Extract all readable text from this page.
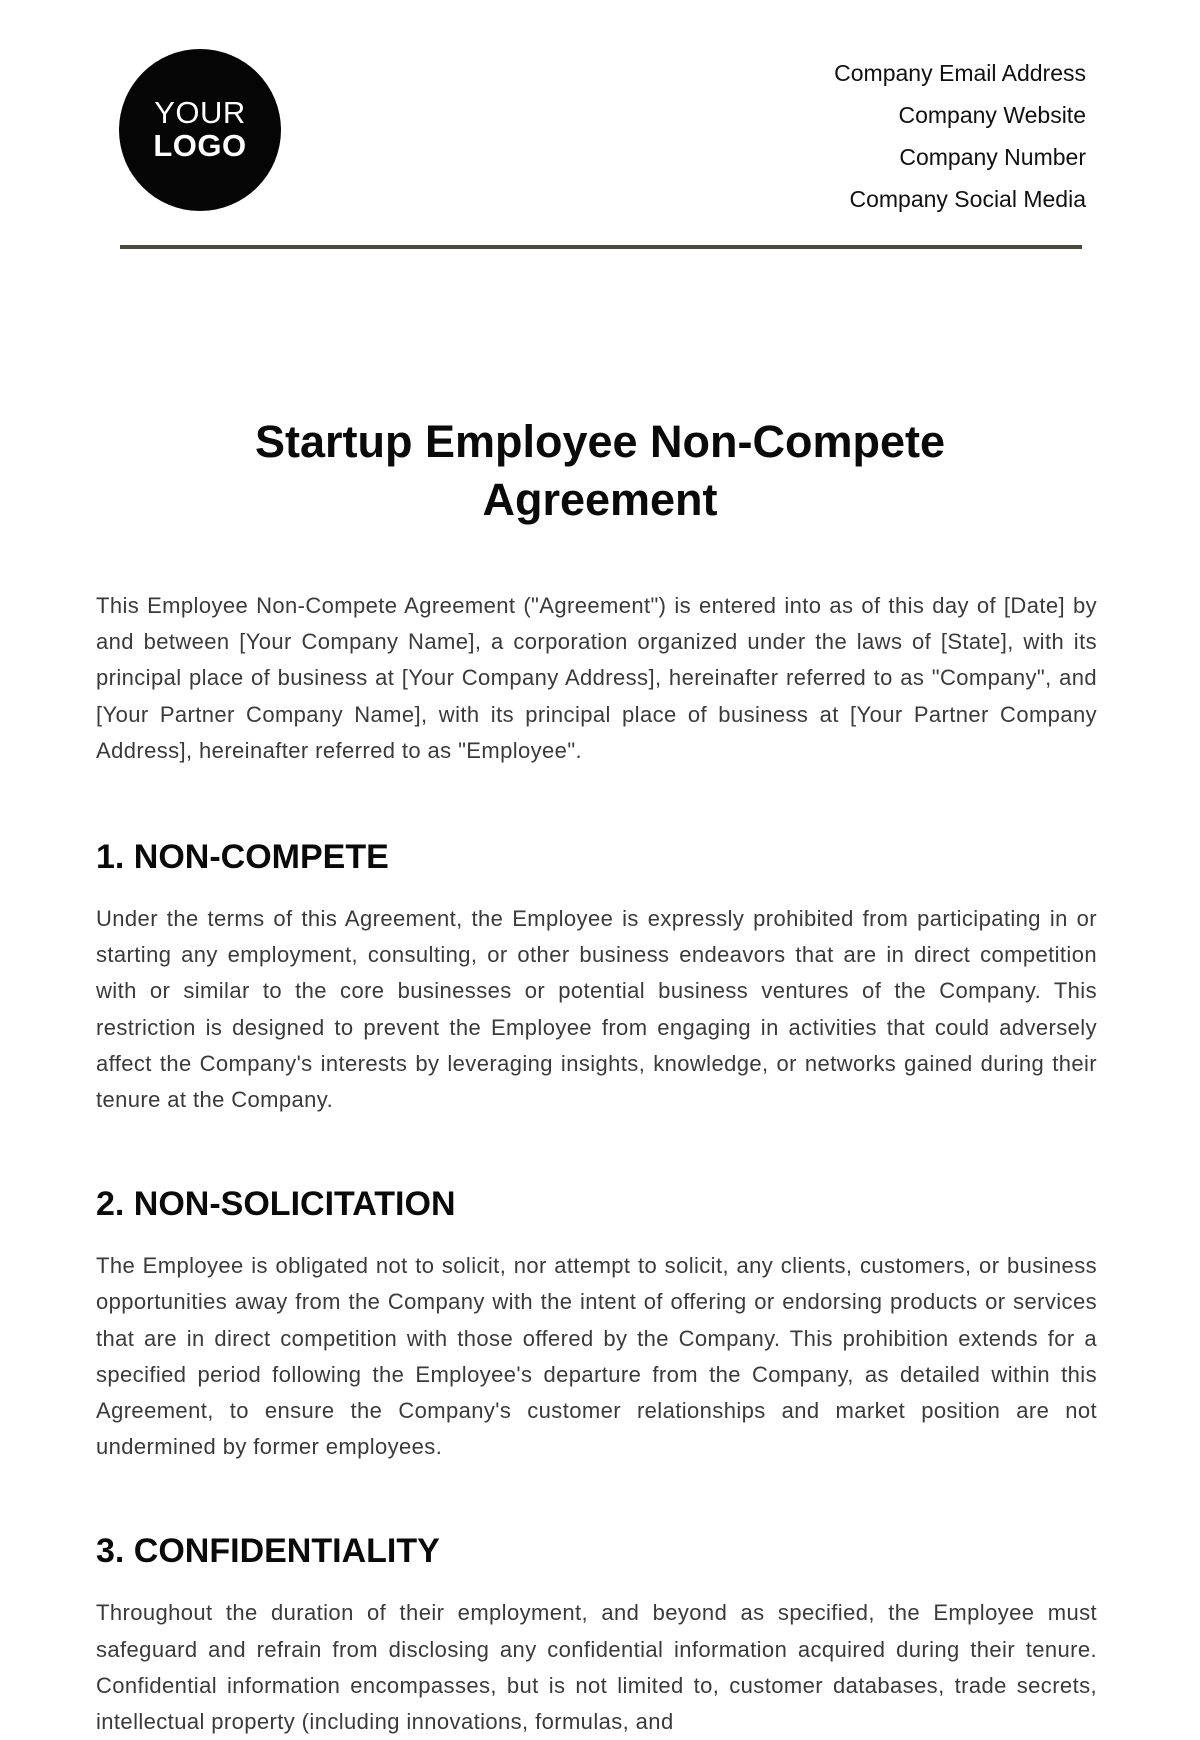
YOUR
LOGO
Company Email Address
Company Website
Company Number
Company Social Media
Startup Employee Non-Compete Agreement

This Employee Non-Compete Agreement ("Agreement") is entered into as of this day of [Date] by and between [Your Company Name], a corporation organized under the laws of [State], with its principal place of business at [Your Company Address], hereinafter referred to as "Company", and [Your Partner Company Name], with its principal place of business at [Your Partner Company Address], hereinafter referred to as "Employee".

1. NON-COMPETE

Under the terms of this Agreement, the Employee is expressly prohibited from participating in or starting any employment, consulting, or other business endeavors that are in direct competition with or similar to the core businesses or potential business ventures of the Company. This restriction is designed to prevent the Employee from engaging in activities that could adversely affect the Company's interests by leveraging insights, knowledge, or networks gained during their tenure at the Company.

2. NON-SOLICITATION

The Employee is obligated not to solicit, nor attempt to solicit, any clients, customers, or business opportunities away from the Company with the intent of offering or endorsing products or services that are in direct competition with those offered by the Company. This prohibition extends for a specified period following the Employee's departure from the Company, as detailed within this Agreement, to ensure the Company's customer relationships and market position are not undermined by former employees.

3. CONFIDENTIALITY

Throughout the duration of their employment, and beyond as specified, the Employee must safeguard and refrain from disclosing any confidential information acquired during their tenure. Confidential information encompasses, but is not limited to, customer databases, trade secrets, intellectual property (including innovations, formulas, and
